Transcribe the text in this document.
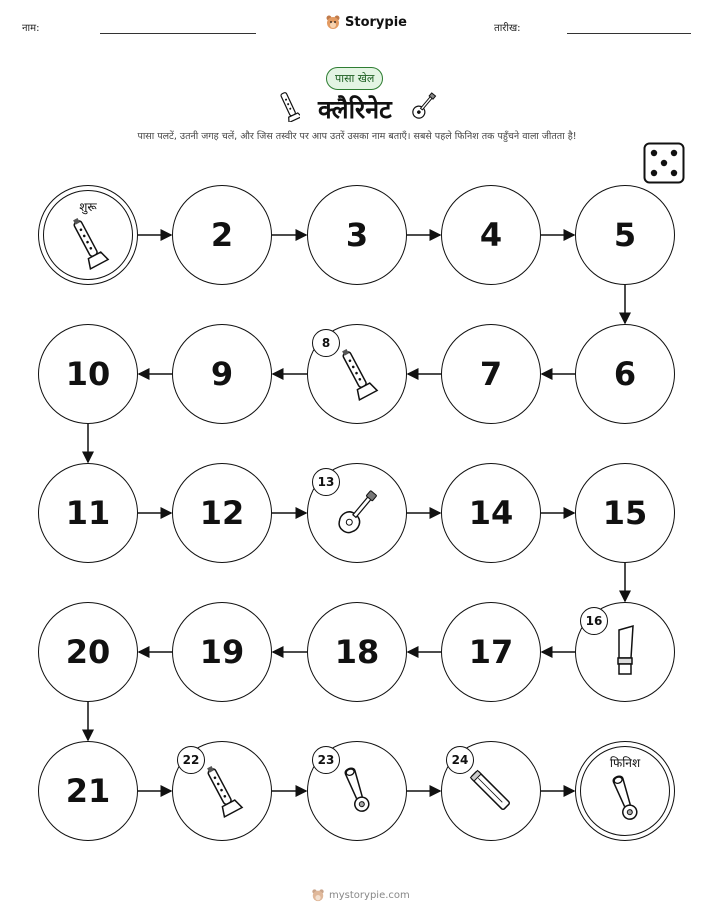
नाम:	Storypie	तारीख:
पासा खेल
क्लैरिनेट
पासा पलटें, उतनी जगह चलें, और जिस तस्वीर पर आप उतरें उसका नाम बताएँ। सबसे पहले फिनिश तक पहुँचने वाला जीतता है!
शुरू
2	3	4	5
6
7
8
9
10
11	12
13
14	15
16
17
18
19
20
21
22	23	24	फिनिश
mystorypie.com
